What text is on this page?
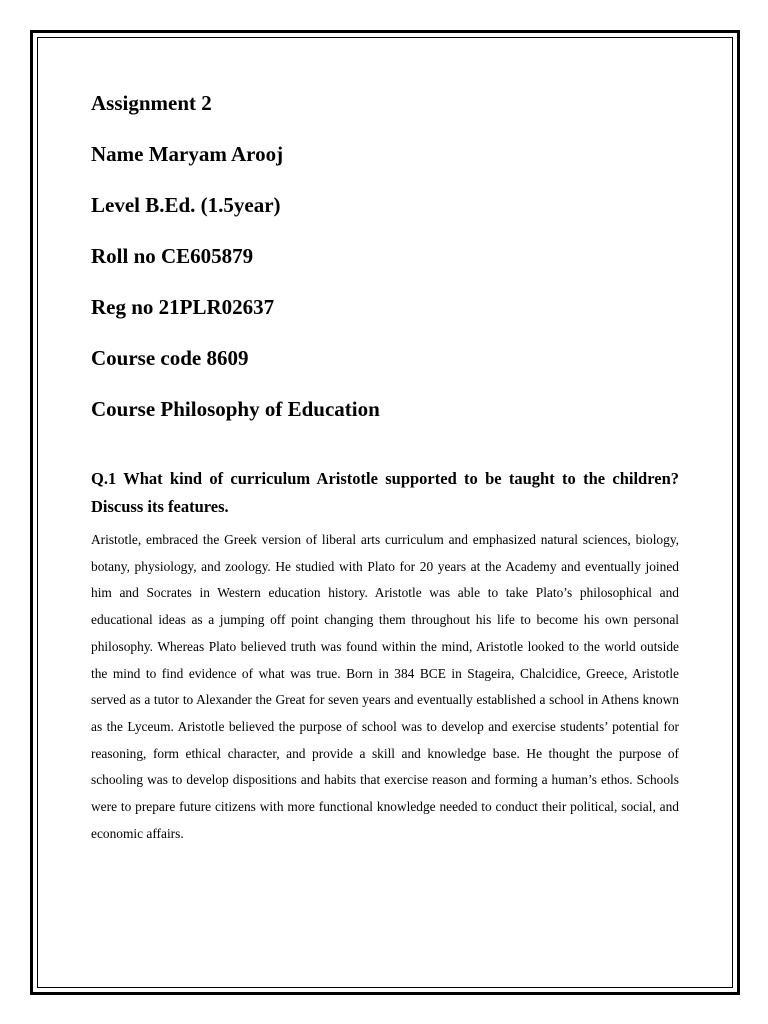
Assignment 2
Name Maryam Arooj
Level B.Ed. (1.5year)
Roll no CE605879
Reg no 21PLR02637
Course code 8609
Course Philosophy of Education
Q.1 What kind of curriculum Aristotle supported to be taught to the children? Discuss its features.

Aristotle, embraced the Greek version of liberal arts curriculum and emphasized natural sciences, biology, botany, physiology, and zoology. He studied with Plato for 20 years at the Academy and eventually joined him and Socrates in Western education history. Aristotle was able to take Plato’s philosophical and educational ideas as a jumping off point changing them throughout his life to become his own personal philosophy. Whereas Plato believed truth was found within the mind, Aristotle looked to the world outside the mind to find evidence of what was true. Born in 384 BCE in Stageira, Chalcidice, Greece, Aristotle served as a tutor to Alexander the Great for seven years and eventually established a school in Athens known as the Lyceum. Aristotle believed the purpose of school was to develop and exercise students’ potential for reasoning, form ethical character, and provide a skill and knowledge base. He thought the purpose of schooling was to develop dispositions and habits that exercise reason and forming a human’s ethos. Schools were to prepare future citizens with more functional knowledge needed to conduct their political, social, and economic affairs.
